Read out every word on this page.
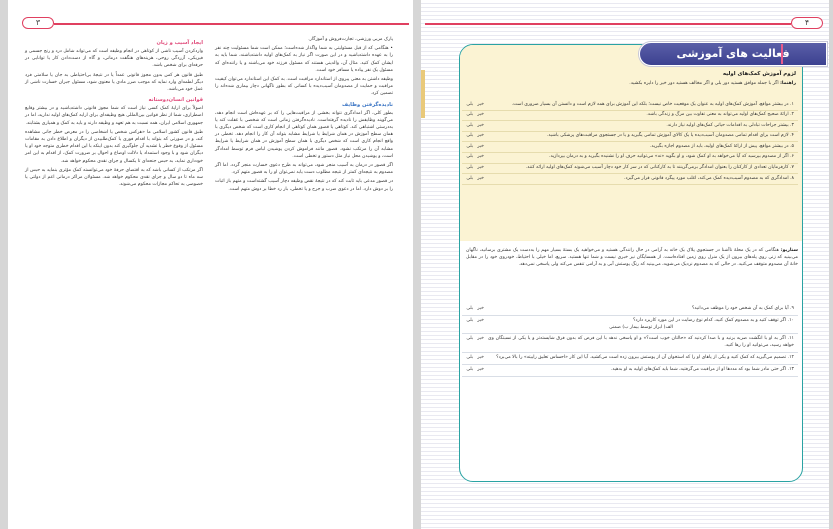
۳

پارک مربی ورزشی، تجارت‌فروش و آموزگار.

• هنگامی که از قبل مسئولیتی به شما واگذار شده‌است؛ ممکن است شما مسئولیت چند نفر را به عهده داشته‌باشید و در این صورت اگر نیاز به کمک‌های اولیه داشته‌باشند، شما باید به ایشان کمک کنید. مثال آن، والدینی هستند که مسئول فرزند خود می‌باشند و یا راننده‌ای که مسئول یک نفر پیاده یا مسافر خود است.

وظیفه داشتن به معنی پیروی از استاندارد مراقبت است. به کمک این استاندارد می‌توان کیفیت مراقبت و حمایت از مصدومان آسیب‌دیده با کسانی که بطور ناگهانی دچار بیماری شده‌اند را تضمین کرد.

نادیده‌گرفتن وظایف

بطور کلی، اگر امدادگری نتواند بخشی از مراقبت‌هایی را که بر عهده‌اش است انجام دهد، می‌گویند وظایفش را نادیده گرفته‌است. نادیده‌گرفتن زمانی است که شخصی با غفلت کند یا به‌درستی اشتباهی کند. کوتاهی یا قصور همان کوتاهی از انجام کاری است که شخص دیگری با همان سطح آموزش در همان شرایط یا شرایط مشابه بتواند آن کار را انجام دهد. تخطی در واقع انجام کاری است که شخص دیگری با همان سطح آموزش در همان شرایط یا شرایط مشابه آن را مرتکب نشود. قصور مانند فراموش کردن پوشیدن لباس فرم توسط امدادگر است، و پوشیدن محل نیاز مثل دستور و تخطی است.

اگر قصور در درمان به آسیب منجر شود، می‌تواند به طرح دعوی خسارت منجر گردد. اما اگر مصدوم به نتیجه‌ای کمتر از نتیجه مطلوب دست یابد نمی‌توان او را به قصور متهم کرد.

در قصور مدعی باید ثابت کند که در نتیجهٔ نقض وظیفه دچار آسیب گشته‌است و متهم باز اثبات را بر دوش دارد. اما در دعوی ضرب و جرح و یا تخطی، بار رد خطا بر دوش متهم است.

ایجاد آسیب و زیان

وارد‌کردن آسیب ناشی از کوتاهی در انجام وظیفه است که می‌تواند شامل درد و رنج جسمی و فیزیکی، آزردگی روحی، هزینه‌های هنگفت درمانی، و گاه از دست‌دادن کار یا توانایی در حرفه‌ای برای شخص باشد.

طبق قانون هر کس بدون مجوز قانونی عمداً یا در نتیجهٔ بی‌احتیاطی به جان یا سلامتی فرد دیگر لطمه‌ای وارد نماید که موجب ضرر مادی یا معنوی شود، مسئول جبران خسارت ناشی از عمل خود می‌باشد.

قوانین انسان‌دوستانه

اصولاً برای ارایهٔ کمک کسی نیاز است که شما مجوز قانونی داشته‌باشید و در بیشتر وقایع اضطراری، شما از نظر قوانین بین‌المللی هیچ وظیفه‌ای برای ارایه کمک‌های اولیه ندارید، اما در جمهوری اسلامی ایران، همه نسبت به هم تعهد و وظیفه دارند و باید به کمک و همیاری بشتابند.

طبق قانون کشور اسلامی ما «هرکس شخص یا اشخاصی را در معرض خطر جانی مشاهده کند، و در صورتی که بتواند با اقدام فوری یا کمک‌طلبیدن از دیگران و اطلاع دادن به مقامات مسئول از وقوع خطر یا تشدید آن جلوگیری کند بدون اینکه با این اقدام خطری متوجه خود او یا دیگران شود و با وجود استمداد یا دلالت اوضاع و احوال بر ضرورت کمک، از اقدام به این امر خودداری نماید، به حبس جنحه‌ای تا یکسال و جزای نقدی محکوم خواهد شد.

اگر مرتکب از کسانی باشد که به اقتضای حرفهٔ خود می‌توانسته کمک مؤثری بنماید به حبس از سه ماه تا دو سال و جزای نقدی محکوم خواهد شد. مسئولان مراکز درمانی اعم از دولتی یا خصوصی به تحاکم مجازات محکوم می‌شوند.

۴
فعالیت های آموزشی
لزوم آموزش کمک‌های اولیه
راهنما: اگر با جمله موافق هستید دور بلی و اگر مخالف هستید دور خیر را دایره بکشید.
۱. در بیشتر مواقع، آموزش کمک‌های اولیه به عنوان یک موقعیت خاص نیست؛ بلکه این آموزش برای همه لازم است و دانستن آن بسیار ضروری است.
خیر
بلی
۲. ارائهٔ صحیح کمک‌های اولیه می‌تواند به معنی تفاوت بین مرگ و زندگی باشد.
خیر
بلی
۳. بیشتر جراحات تبادلی به اقدامات حیاتی کمک‌های اولیه نیاز دارند.
خیر
بلی
۴. لازم است برای اقدام تمامی مصدومان آسیب‌دیده یا یک کالای آموزش تمامی یگیرید و یا در جستجوی مراقبت‌های پزشکی باشید.
خیر
بلی
۵. در بیشتر مواقع، پیش از ارائهٔ کمک‌های اولیه، باید از مصدوم اجازه بگیرید.
خیر
بلی
۶. اگر از مصدوم بپرسید که آیا می‌خواهد به او کمک شود، و او بگوید «نه» می‌توانید حرف او را نشنیده بگیرید و به درمان بپردازید.
خیر
بلی
۷. کارفرمایان تعدادی از کارکنان را بعنوان امدادگر برمی‌گزینند تا به کارکنانی که در سر کار خود دچار آسیب می‌شوند کمک‌های اولیه ارائه کنند.
خیر
بلی
۸. امدادگری که به مصدوم آسیب‌دیده کمک می‌کند، اغلب مورد پیگرد قانونی قرار می‌گیرد.
خیر
بلی
سناریو: هنگامی که در یک محلهٔ ناآشنا در جستجوی پلاک یک خانه به آرامی در حال رانندگی هستید و می‌خواهید یک بستهٔ بسیار مهم را به‌دست یک مشتری برسانید، ناگهان می‌بینید که زنی روی پله‌های بیرون از یک منزل روی زمین افتاده‌است. از همسایگان نیز خبری نیست و شما تنها هستید. سریع، اما خیلی با احتیاط، خودروی خود را در مقابل خانهٔ آن مصدوم متوقف می‌کنید. در حالی که به مصدوم نزدیک می‌شوید، می‌بینید که رنگ پوستش آبی و به آرامی تنفس می‌کند ولی پاسخی نمی‌دهد.
۹. آیا برای کمک به آن شخص خود را موظف می‌دانید؟
خیر
بلی
۱۰. اگر توقف کنید و به مصدوم کمک کنید، کدام نوع رضایت در این مورد کاربرد دارد؟
الف) ابراز توسط بیمار ب) ضمنی
خیر
بلی
۱۱. اگر به او با انگشت ضربه بزنید و با صدا کردنید که «حالتان خوب است؟» و او پاسخی ندهد با این فرض که بدون فرق شایسته‌تر و یا یکی از نسبتگان وی خواهد رسید، می‌توانید او را رها کنید.
خیر
بلی
۱۲. تصمیم می‌گیرید که کمک کنید و یکی از پاهای او را که استخوان آن از پوستش بیرون زده است می‌کشید. آیا این کار «احساس تعلیق راییته» را بالا می‌برد؟
خیر
بلی
۱۳. اگر حتی مادر شما بود که مددها او از مراقبت می‌گرفتید، شما باید کمک‌های اولیه به او بدهید.
خیر
بلی
